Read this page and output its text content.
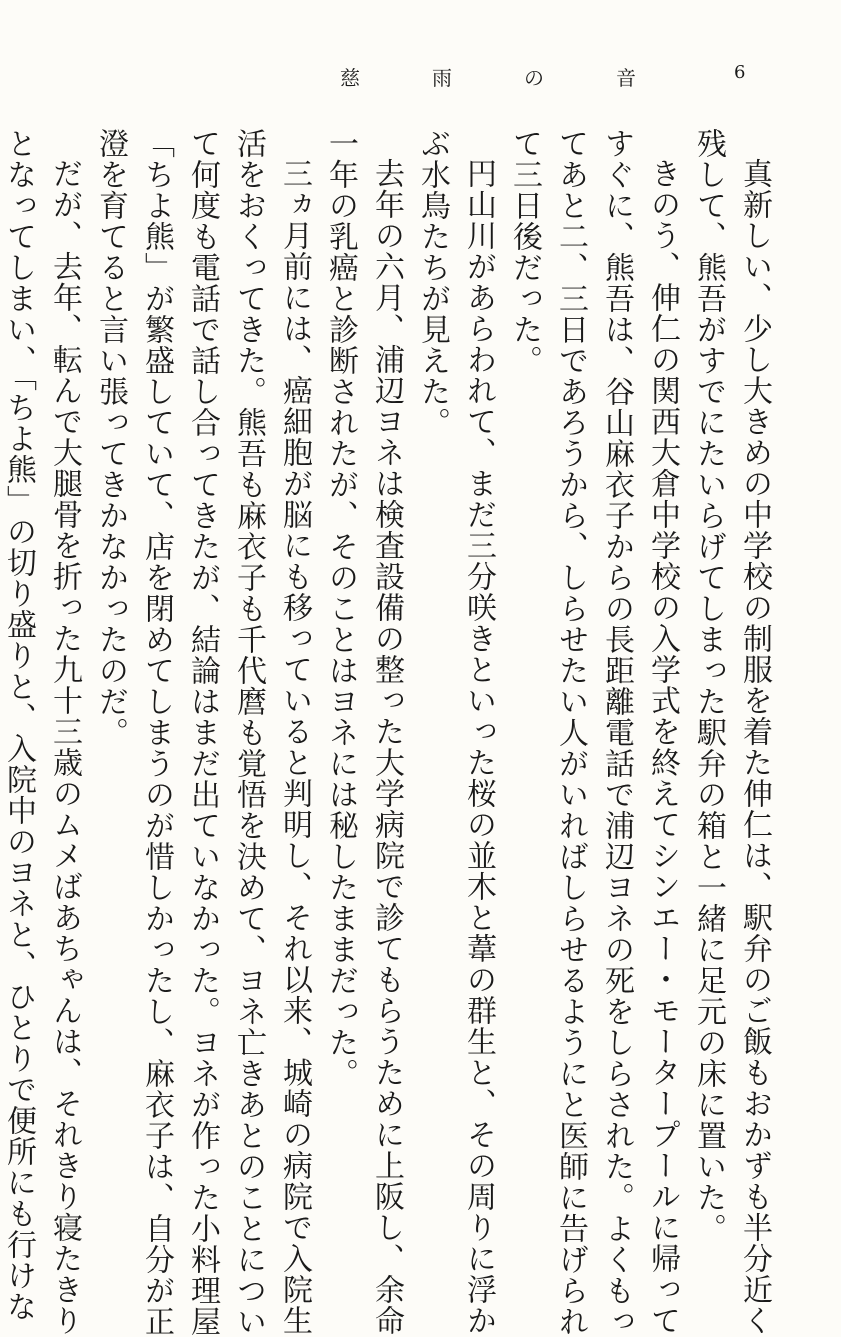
慈　雨　の　音	6
真新しい、少し大きめの中学校の制服を着た伸仁は、駅弁のご飯もおかずも半分近く
残して、熊吾がすでにたいらげてしまった駅弁の箱と一緒に足元の床に置いた。
きのう、伸仁の関西大倉中学校の入学式を終えてシンエー・モータープールに帰って
すぐに、熊吾は、谷山麻衣子からの長距離電話で浦辺ヨネの死をしらされた。よくもっ
てあと二、三日であろうから、しらせたい人がいればしらせるようにと医師に告げられ
て三日後だった。
円山川があらわれて、まだ三分咲きといった桜の並木と葦の群生と、その周りに浮か
ぶ水鳥たちが見えた。
去年の六月、浦辺ヨネは検査設備の整った大学病院で診てもらうために上阪し、余命
一年の乳癌と診断されたが、そのことはヨネには秘したままだった。
三ヵ月前には、癌細胞が脳にも移っていると判明し、それ以来、城崎の病院で入院生
活をおくってきた。熊吾も麻衣子も千代麿も覚悟を決めて、ヨネ亡きあとのことについ
て何度も電話で話し合ってきたが、結論はまだ出ていなかった。ヨネが作った小料理屋
「ちよ熊」が繁盛していて、店を閉めてしまうのが惜しかったし、麻衣子は、自分が正
澄を育てると言い張ってきかなかったのだ。
だが、去年、転んで大腿骨を折った九十三歳のムメばあちゃんは、それきり寝たきり
となってしまい、「ちよ熊」の切り盛りと、入院中のヨネと、ひとりで便所にも行けな
